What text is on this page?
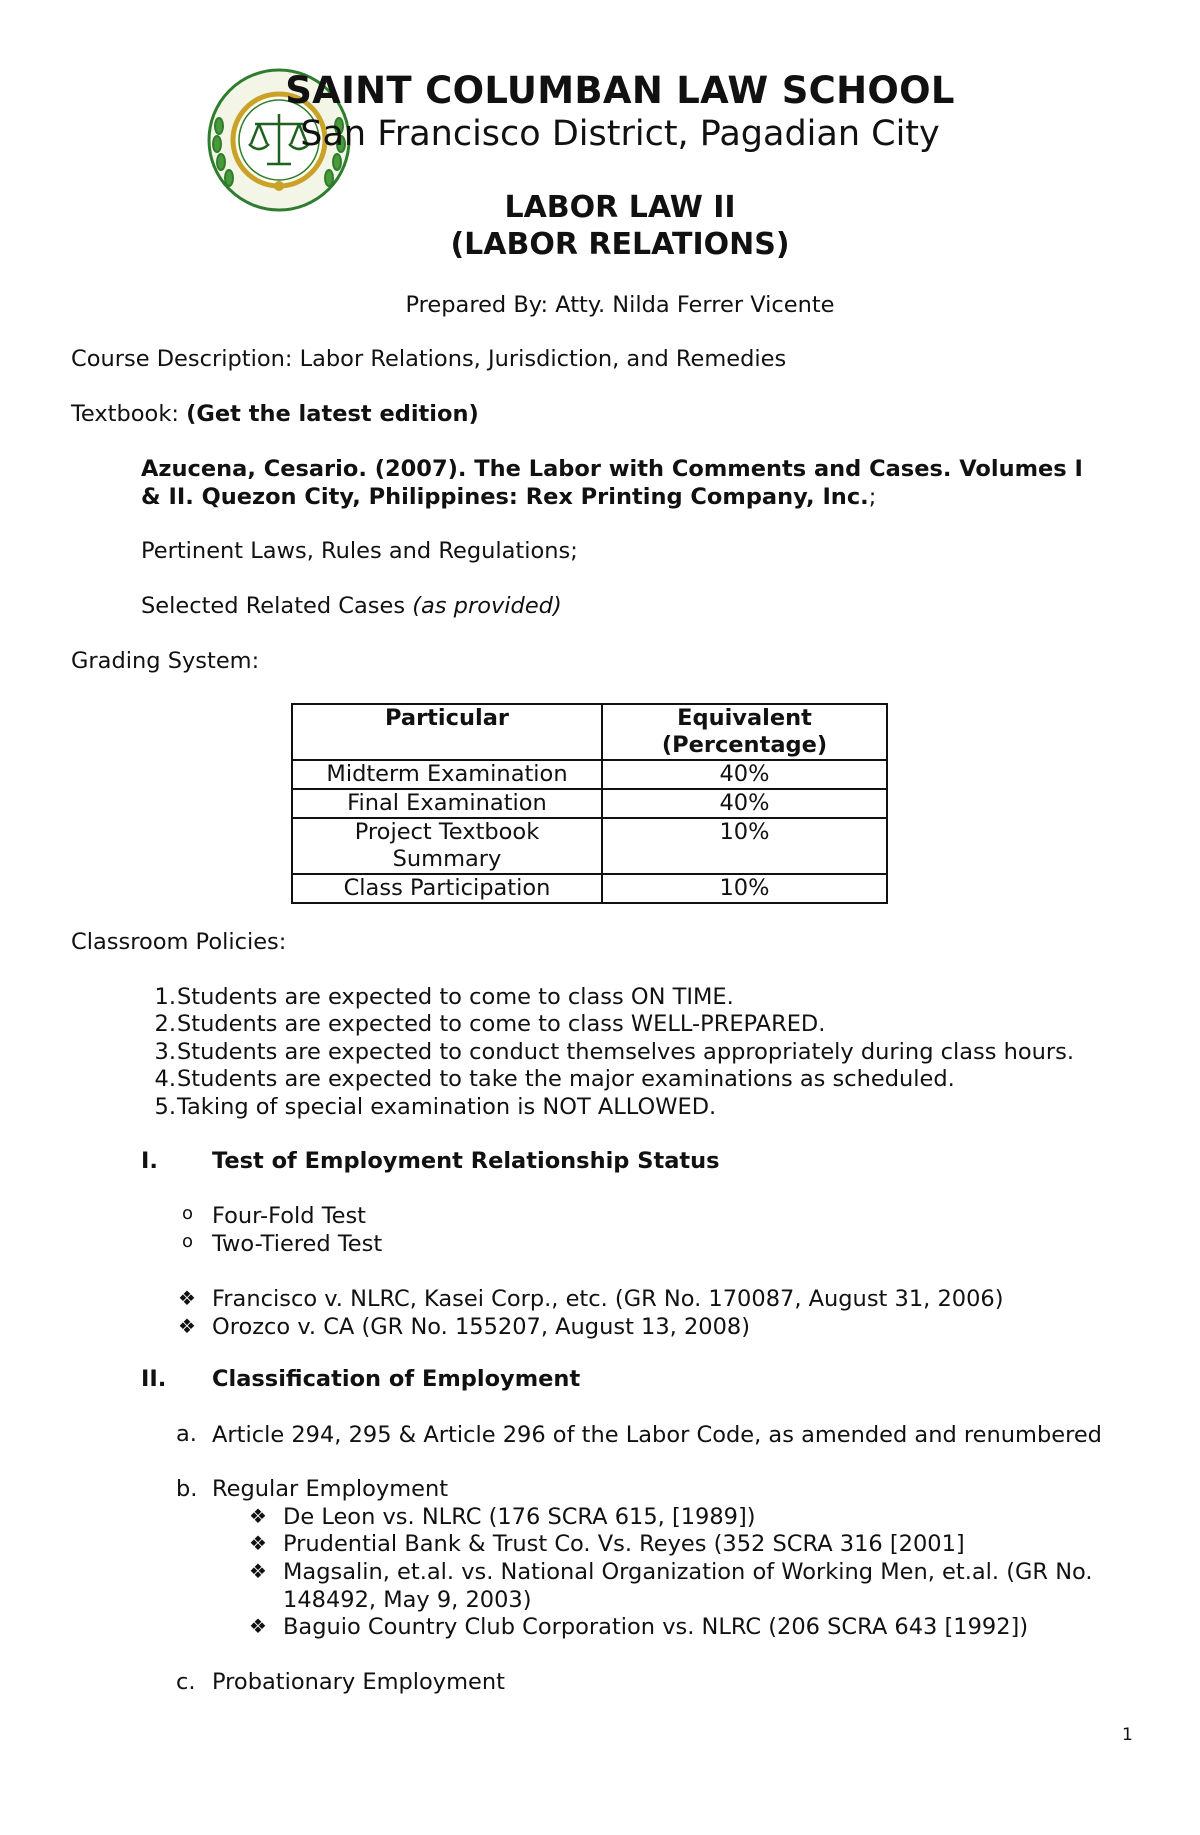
SAINT COLUMBAN LAW SCHOOL
San Francisco District, Pagadian City
LABOR LAW II
(LABOR RELATIONS)
Prepared By: Atty. Nilda Ferrer Vicente
Course Description: Labor Relations, Jurisdiction, and Remedies
Textbook: (Get the latest edition)
Azucena, Cesario. (2007). The Labor with Comments and Cases. Volumes I
& II. Quezon City, Philippines: Rex Printing Company, Inc.;
Pertinent Laws, Rules and Regulations;
Selected Related Cases (as provided)
Grading System:
Particular	Equivalent
(Percentage)
Midterm Examination	40%
Final Examination	40%
Project Textbook
Summary	10%
Class Participation	10%
Classroom Policies:
1. Students are expected to come to class ON TIME.
2. Students are expected to come to class WELL-PREPARED.
3. Students are expected to conduct themselves appropriately during class hours.
4. Students are expected to take the major examinations as scheduled.
5. Taking of special examination is NOT ALLOWED.
I. Test of Employment Relationship Status
o Four-Fold Test
o Two-Tiered Test
❖ Francisco v. NLRC, Kasei Corp., etc. (GR No. 170087, August 31, 2006)
❖ Orozco v. CA (GR No. 155207, August 13, 2008)
II. Classification of Employment
a. Article 294, 295 & Article 296 of the Labor Code, as amended and renumbered
b. Regular Employment
❖ De Leon vs. NLRC (176 SCRA 615, [1989])
❖ Prudential Bank & Trust Co. Vs. Reyes (352 SCRA 316 [2001]
❖ Magsalin, et.al. vs. National Organization of Working Men, et.al. (GR No.
148492, May 9, 2003)
❖ Baguio Country Club Corporation vs. NLRC (206 SCRA 643 [1992])
c. Probationary Employment
1
